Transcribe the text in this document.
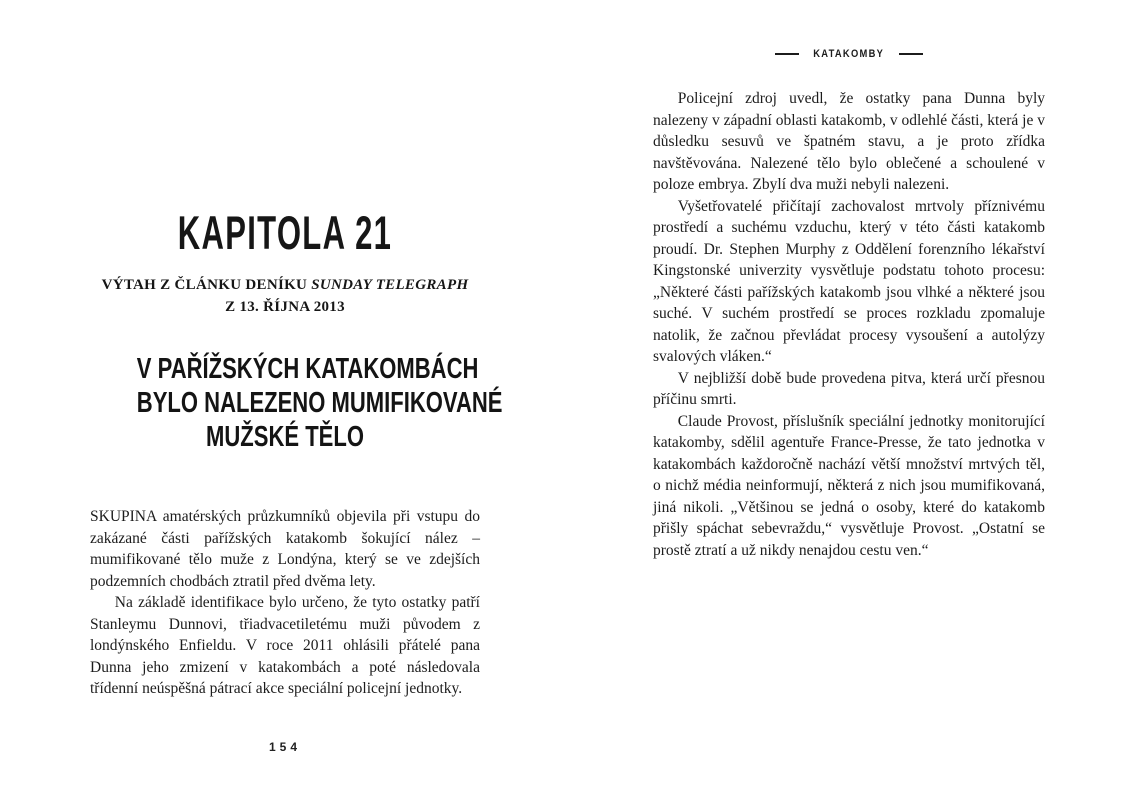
KAPITOLA 21
VÝTAH Z ČLÁNKU DENÍKU SUNDAY TELEGRAPH
Z 13. ŘÍJNA 2013
V PAŘÍŽSKÝCH KATAKOMBÁCH
BYLO NALEZENO MUMIFIKOVANÉ
MUŽSKÉ TĚLO

SKUPINA amatérských průzkumníků objevila při vstupu do zakázané části pařížských katakomb šokující nález – mumifikované tělo muže z Londýna, který se ve zdejších podzemních chodbách ztratil před dvěma lety.

Na základě identifikace bylo určeno, že tyto ostatky patří Stanleymu Dunnovi, třiadvacetiletému muži původem z londýnského Enfieldu. V roce 2011 ohlásili přátelé pana Dunna jeho zmizení v katakombách a poté následovala třídenní neúspěšná pátrací akce speciální policejní jednotky.

154
KATAKOMBY

Policejní zdroj uvedl, že ostatky pana Dunna byly nalezeny v západní oblasti katakomb, v odlehlé části, která je v důsledku sesuvů ve špatném stavu, a je proto zřídka navštěvována. Nalezené tělo bylo oblečené a schoulené v poloze embrya. Zbylí dva muži nebyli nalezeni.

Vyšetřovatelé přičítají zachovalost mrtvoly příznivému prostředí a suchému vzduchu, který v této části katakomb proudí. Dr. Stephen Murphy z Oddělení forenzního lékařství Kingstonské univerzity vysvětluje podstatu tohoto procesu: „Některé části pařížských katakomb jsou vlhké a některé jsou suché. V suchém prostředí se proces rozkladu zpomaluje natolik, že začnou převládat procesy vysoušení a autolýzy svalových vláken.“

V nejbližší době bude provedena pitva, která určí přesnou příčinu smrti.

Claude Provost, příslušník speciální jednotky monitorující katakomby, sdělil agentuře France-Presse, že tato jednotka v katakombách každoročně nachází větší množství mrtvých těl, o nichž média neinformují, některá z nich jsou mumifikovaná, jiná nikoli. „Většinou se jedná o osoby, které do katakomb přišly spáchat sebevraždu,“ vysvětluje Provost. „Ostatní se prostě ztratí a už nikdy nenajdou cestu ven.“
